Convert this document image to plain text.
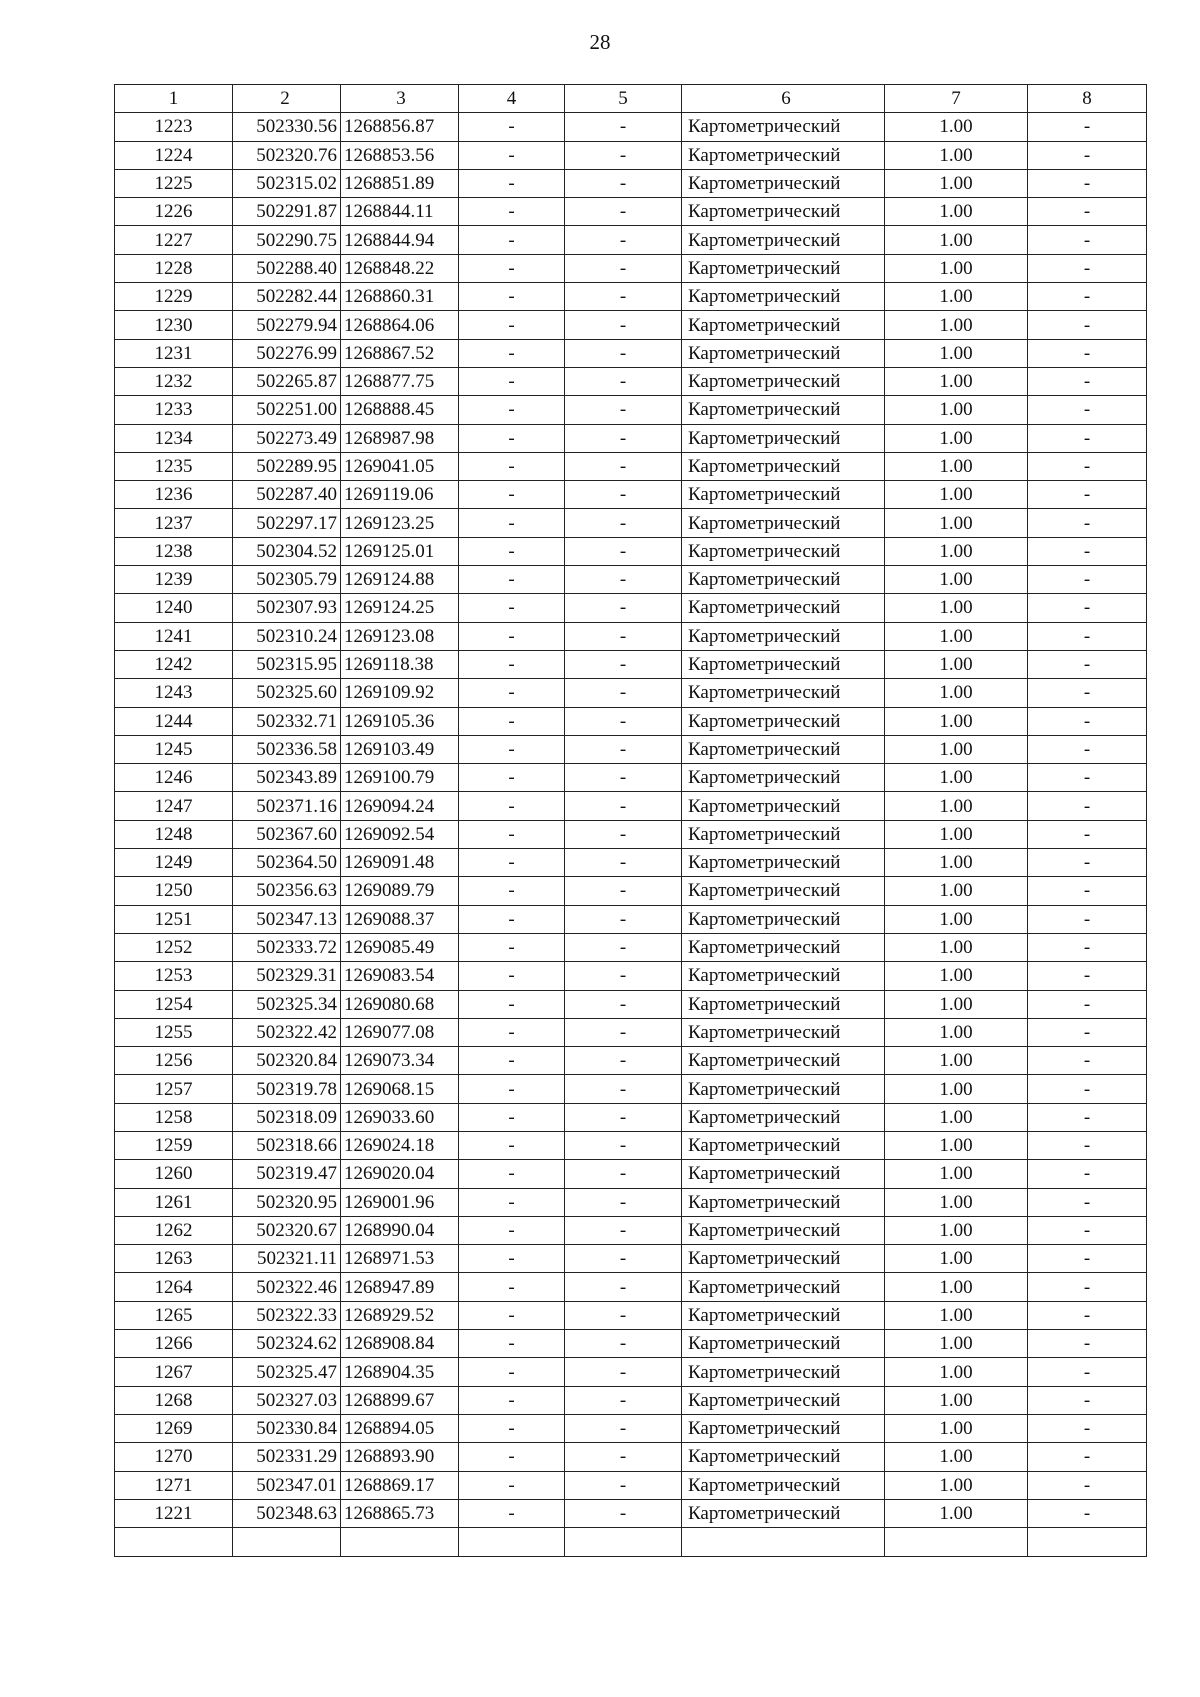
28
1	2	3	4	5	6	7	8
1223	502330.56	1268856.87	-	-	Картометрический	1.00	-
1224	502320.76	1268853.56	-	-	Картометрический	1.00	-
1225	502315.02	1268851.89	-	-	Картометрический	1.00	-
1226	502291.87	1268844.11	-	-	Картометрический	1.00	-
1227	502290.75	1268844.94	-	-	Картометрический	1.00	-
1228	502288.40	1268848.22	-	-	Картометрический	1.00	-
1229	502282.44	1268860.31	-	-	Картометрический	1.00	-
1230	502279.94	1268864.06	-	-	Картометрический	1.00	-
1231	502276.99	1268867.52	-	-	Картометрический	1.00	-
1232	502265.87	1268877.75	-	-	Картометрический	1.00	-
1233	502251.00	1268888.45	-	-	Картометрический	1.00	-
1234	502273.49	1268987.98	-	-	Картометрический	1.00	-
1235	502289.95	1269041.05	-	-	Картометрический	1.00	-
1236	502287.40	1269119.06	-	-	Картометрический	1.00	-
1237	502297.17	1269123.25	-	-	Картометрический	1.00	-
1238	502304.52	1269125.01	-	-	Картометрический	1.00	-
1239	502305.79	1269124.88	-	-	Картометрический	1.00	-
1240	502307.93	1269124.25	-	-	Картометрический	1.00	-
1241	502310.24	1269123.08	-	-	Картометрический	1.00	-
1242	502315.95	1269118.38	-	-	Картометрический	1.00	-
1243	502325.60	1269109.92	-	-	Картометрический	1.00	-
1244	502332.71	1269105.36	-	-	Картометрический	1.00	-
1245	502336.58	1269103.49	-	-	Картометрический	1.00	-
1246	502343.89	1269100.79	-	-	Картометрический	1.00	-
1247	502371.16	1269094.24	-	-	Картометрический	1.00	-
1248	502367.60	1269092.54	-	-	Картометрический	1.00	-
1249	502364.50	1269091.48	-	-	Картометрический	1.00	-
1250	502356.63	1269089.79	-	-	Картометрический	1.00	-
1251	502347.13	1269088.37	-	-	Картометрический	1.00	-
1252	502333.72	1269085.49	-	-	Картометрический	1.00	-
1253	502329.31	1269083.54	-	-	Картометрический	1.00	-
1254	502325.34	1269080.68	-	-	Картометрический	1.00	-
1255	502322.42	1269077.08	-	-	Картометрический	1.00	-
1256	502320.84	1269073.34	-	-	Картометрический	1.00	-
1257	502319.78	1269068.15	-	-	Картометрический	1.00	-
1258	502318.09	1269033.60	-	-	Картометрический	1.00	-
1259	502318.66	1269024.18	-	-	Картометрический	1.00	-
1260	502319.47	1269020.04	-	-	Картометрический	1.00	-
1261	502320.95	1269001.96	-	-	Картометрический	1.00	-
1262	502320.67	1268990.04	-	-	Картометрический	1.00	-
1263	502321.11	1268971.53	-	-	Картометрический	1.00	-
1264	502322.46	1268947.89	-	-	Картометрический	1.00	-
1265	502322.33	1268929.52	-	-	Картометрический	1.00	-
1266	502324.62	1268908.84	-	-	Картометрический	1.00	-
1267	502325.47	1268904.35	-	-	Картометрический	1.00	-
1268	502327.03	1268899.67	-	-	Картометрический	1.00	-
1269	502330.84	1268894.05	-	-	Картометрический	1.00	-
1270	502331.29	1268893.90	-	-	Картометрический	1.00	-
1271	502347.01	1268869.17	-	-	Картометрический	1.00	-
1221	502348.63	1268865.73	-	-	Картометрический	1.00	-
